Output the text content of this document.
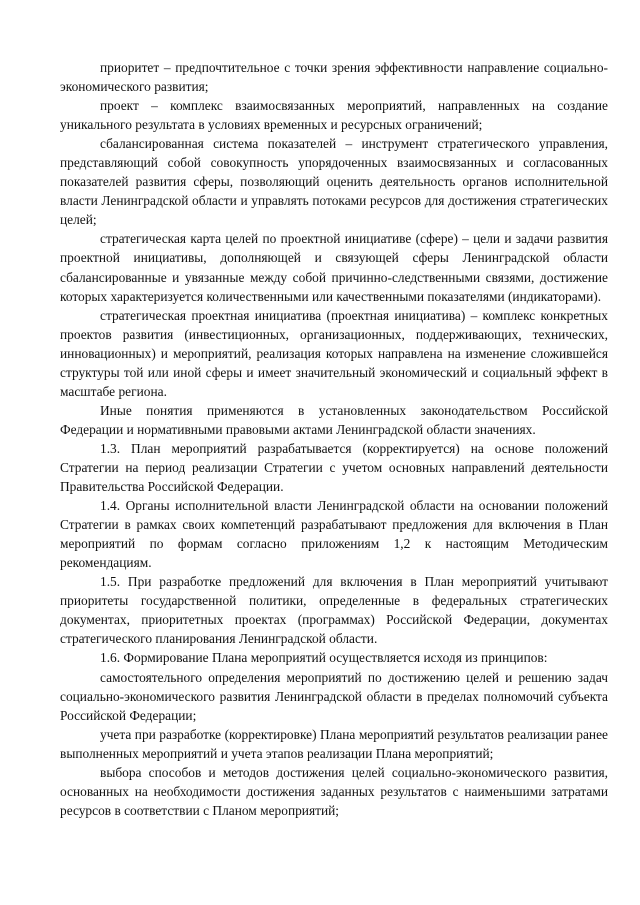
приоритет – предпочтительное с точки зрения эффективности направление социально-экономического развития;

проект – комплекс взаимосвязанных мероприятий, направленных на создание уникального результата в условиях временных и ресурсных ограничений;

сбалансированная система показателей – инструмент стратегического управления, представляющий собой совокупность упорядоченных взаимосвязанных и согласованных показателей развития сферы, позволяющий оценить деятельность органов исполнительной власти Ленинградской области и управлять потоками ресурсов для достижения стратегических целей;

стратегическая карта целей по проектной инициативе (сфере) – цели и задачи развития проектной инициативы, дополняющей и связующей сферы Ленинградской области сбалансированные и увязанные между собой причинно-следственными связями, достижение которых характеризуется количественными или качественными показателями (индикаторами).

стратегическая проектная инициатива (проектная инициатива) – комплекс конкретных проектов развития (инвестиционных, организационных, поддерживающих, технических, инновационных) и мероприятий, реализация которых направлена на изменение сложившейся структуры той или иной сферы и имеет значительный экономический и социальный эффект в масштабе региона.

Иные понятия применяются в установленных законодательством Российской Федерации и нормативными правовыми актами Ленинградской области значениях.

1.3. План мероприятий разрабатывается (корректируется) на основе положений Стратегии на период реализации Стратегии с учетом основных направлений деятельности Правительства Российской Федерации.

1.4. Органы исполнительной власти Ленинградской области на основании положений Стратегии в рамках своих компетенций разрабатывают предложения для включения в План мероприятий по формам согласно приложениям 1,2 к настоящим Методическим рекомендациям.

1.5. При разработке предложений для включения в План мероприятий учитывают приоритеты государственной политики, определенные в федеральных стратегических документах, приоритетных проектах (программах) Российской Федерации, документах стратегического планирования Ленинградской области.

1.6. Формирование Плана мероприятий осуществляется исходя из принципов:

самостоятельного определения мероприятий по достижению целей и решению задач социально-экономического развития Ленинградской области в пределах полномочий субъекта Российской Федерации;

учета при разработке (корректировке) Плана мероприятий результатов реализации ранее выполненных мероприятий и учета этапов реализации Плана мероприятий;

выбора способов и методов достижения целей социально-экономического развития, основанных на необходимости достижения заданных результатов с наименьшими затратами ресурсов в соответствии с Планом мероприятий;
